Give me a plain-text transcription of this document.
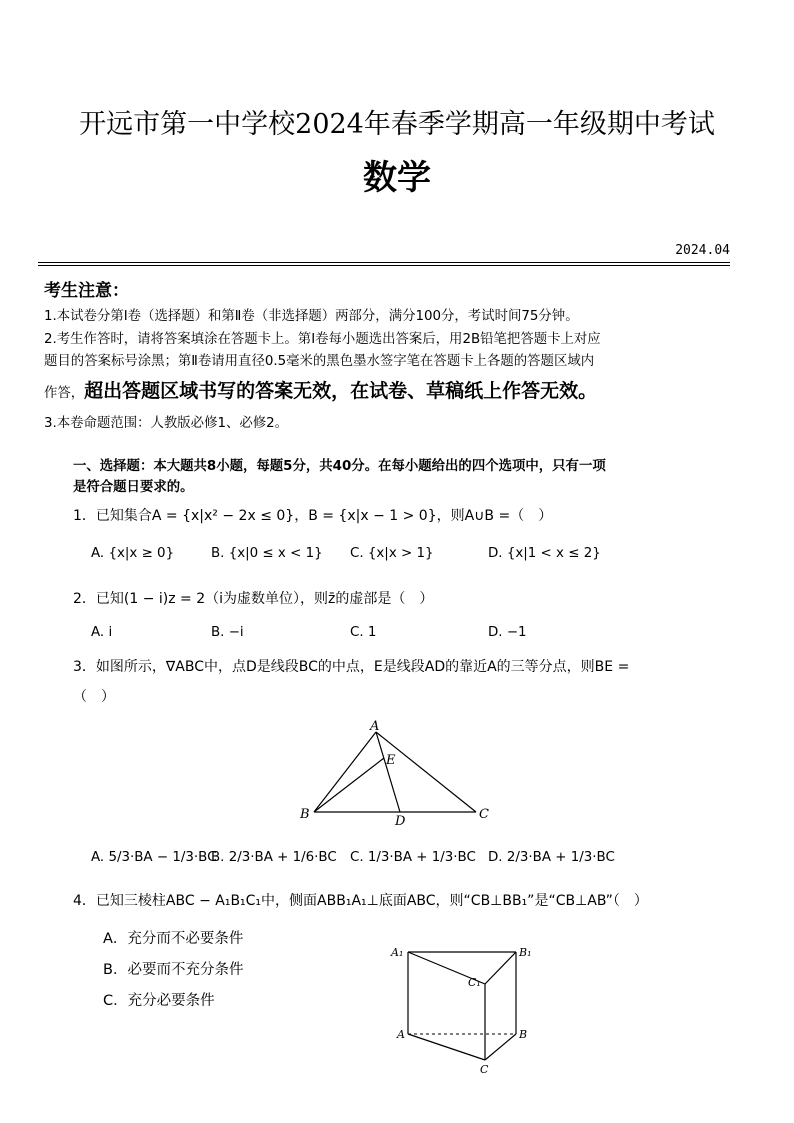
开远市第一中学校2024年春季学期高一年级期中考试
数学
2024.04
考生注意：
1.本试卷分第Ⅰ卷（选择题）和第Ⅱ卷（非选择题）两部分，满分100分，考试时间75分钟。
2.考生作答时，请将答案填涂在答题卡上。第Ⅰ卷每小题选出答案后，用2B铅笔把答题卡上对应
题目的答案标号涂黑；第Ⅱ卷请用直径0.5毫米的黑色墨水签字笔在答题卡上各题的答题区域内
作答，超出答题区域书写的答案无效，在试卷、草稿纸上作答无效。
3.本卷命题范围：人教版必修1、必修2。
一、选择题：本大题共8小题，每题5分，共40分。在每小题给出的四个选项中，只有一项
是符合题日要求的。
1．已知集合A = {x|x² − 2x ≤ 0}，B = {x|x − 1 > 0}，则A∪B =（　）
A. {x|x ≥ 0}	B. {x|0 ≤ x < 1} C. {x|x > 1}	D. {x|1 < x ≤ 2}
2．已知(1 − i)z = 2（i为虚数单位），则z̄的虚部是（　）
A. i	B. −i	C. 1	D. −1
3．如图所示，∇ABC中，点D是线段BC的中点，E是线段AD的靠近A的三等分点，则BE =
（　）
A
B	C
D
E
A. 5/3·BA − 1/3·BC
B. 2/3·BA + 1/6·BC C. 1/3·BA + 1/3·BC D. 2/3·BA + 1/3·BC
4．已知三棱柱ABC − A₁B₁C₁中，侧面ABB₁A₁⊥底面ABC，则“CB⊥BB₁”是“CB⊥AB”（　）
A．充分而不必要条件
B．必要而不充分条件
C．充分必要条件
A₁	B₁
C₁
A	B
C
